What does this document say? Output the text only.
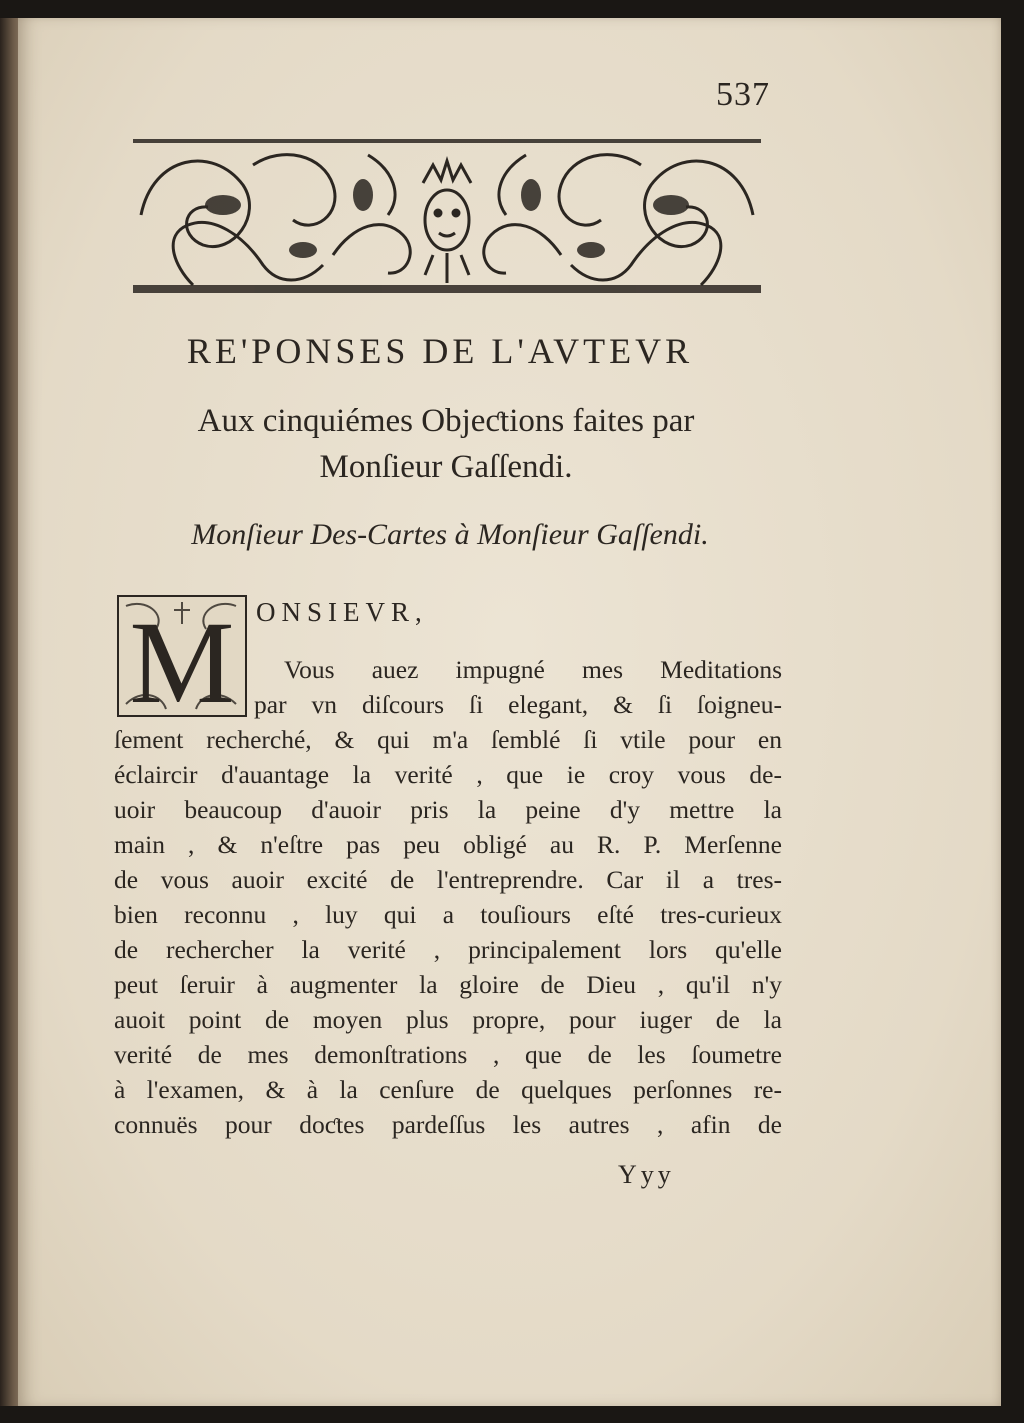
537
RE'PONSES DE L'AVTEVR
Aux cinquiémes Objeƈtions faites par
Monſieur Gaſſendi.
Monſieur Des-Cartes à Monſieur Gaſſendi.
M ONSIEVR,
Vous auez impugné mes Meditations
par vn diſcours ſi elegant, & ſi ſoigneu-
ſement recherché, & qui m'a ſemblé ſi vtile pour en
éclaircir d'auantage la verité , que ie croy vous de-
uoir beaucoup d'auoir pris la peine d'y mettre la
main , & n'eſtre pas peu obligé au R. P. Merſenne
de vous auoir excité de l'entreprendre. Car il a tres-
bien reconnu , luy qui a touſiours eſté tres-curieux
de rechercher la verité , principalement lors qu'elle
peut ſeruir à augmenter la gloire de Dieu , qu'il n'y
auoit point de moyen plus propre, pour iuger de la
verité de mes demonſtrations , que de les ſoumetre
à l'examen, & à la cenſure de quelques perſonnes re-
connuës pour doƈtes pardeſſus les autres , afin de
Yyy
